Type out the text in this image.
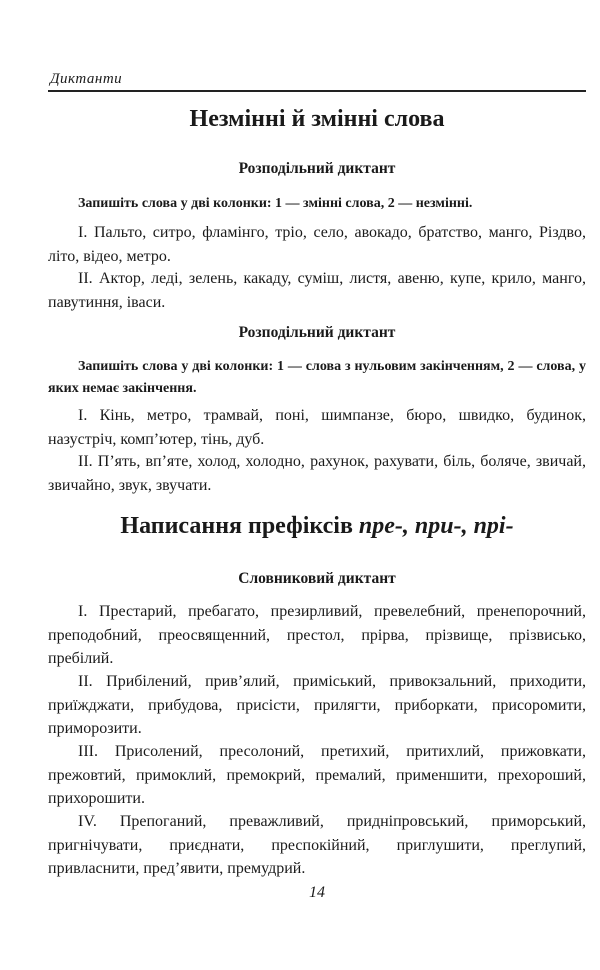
Диктанти
Незмінні й змінні слова
Розподільний диктант
Запишіть слова у дві колонки: 1 — змінні слова, 2 — незмінні.
I. Пальто, ситро, фламінго, тріо, село, авокадо, братство, манго, Різдво, літо, відео, метро.
II. Актор, леді, зелень, какаду, суміш, листя, авеню, купе, крило, манго, павутиння, іваси.
Розподільний диктант
Запишіть слова у дві колонки: 1 — слова з нульовим закінченням, 2 — слова, у яких немає закінчення.
I. Кінь, метро, трамвай, поні, шимпанзе, бюро, швидко, будинок, назустріч, комп’ютер, тінь, дуб.
II. П’ять, вп’яте, холод, холодно, рахунок, рахувати, біль, боляче, звичай, звичайно, звук, звучати.
Написання префіксів пре-, при-, прі-
Словниковий диктант
I. Престарий, пребагато, презирливий, превелебний, пренепорочний, преподобний, преосвященний, престол, прірва, прізвище, прізвисько, пребілий.
II. Прибілений, прив’ялий, приміський, привокзальний, приходити, приїжджати, прибудова, присісти, прилягти, приборкати, присоромити, приморозити.
III. Присолений, пресолоний, претихий, притихлий, прижовкати, прежовтий, примоклий, премокрий, премалий, применшити, прехороший, прихорошити.
IV. Препоганий, преважливий, придніпровський, приморський, пригнічувати, приєднати, преспокійний, приглушити, преглупий, привласнити, пред’явити, премудрий.
14
